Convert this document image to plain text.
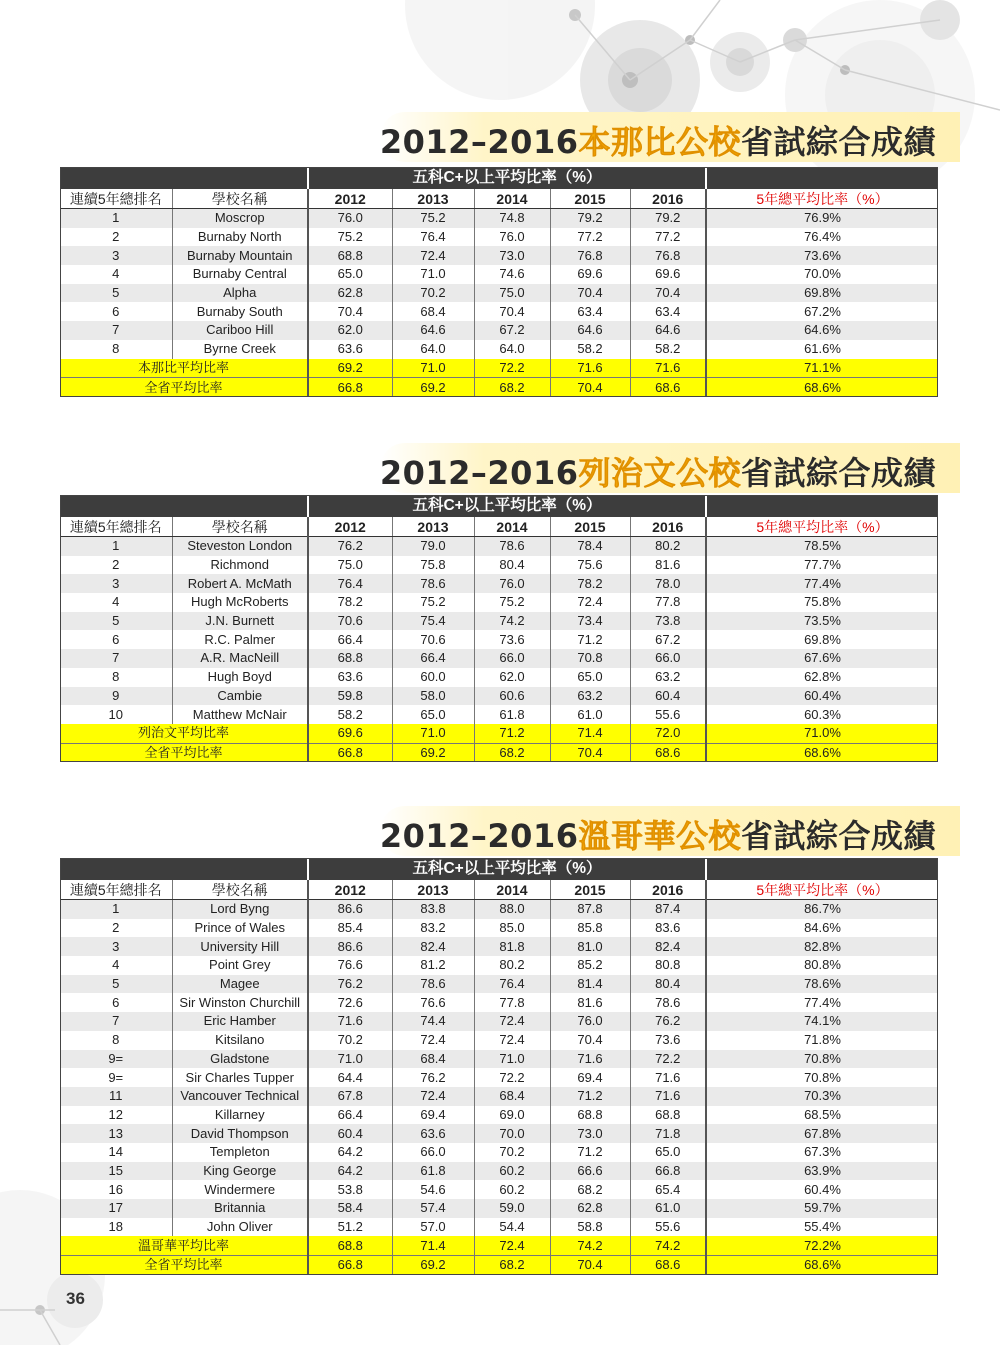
2012–2016本那比公校省試綜合成績
		五科C+以上平均比率（%）					
連續5年總排名	學校名稱	2012	2013	2014	2015	2016	5年總平均比率（%）
1	Moscrop	76.0	75.2	74.8	79.2	79.2	76.9%
2	Burnaby North	75.2	76.4	76.0	77.2	77.2	76.4%
3	Burnaby Mountain	68.8	72.4	73.0	76.8	76.8	73.6%
4	Burnaby Central	65.0	71.0	74.6	69.6	69.6	70.0%
5	Alpha	62.8	70.2	75.0	70.4	70.4	69.8%
6	Burnaby South	70.4	68.4	70.4	63.4	63.4	67.2%
7	Cariboo Hill	62.0	64.6	67.2	64.6	64.6	64.6%
8	Byrne Creek	63.6	64.0	64.0	58.2	58.2	61.6%
本那比平均比率		69.2	71.0	72.2	71.6	71.6	71.1%
全省平均比率		66.8	69.2	68.2	70.4	68.6	68.6%
2012–2016列治文公校省試綜合成績
		五科C+以上平均比率（%）					
連續5年總排名	學校名稱	2012	2013	2014	2015	2016	5年總平均比率（%）
1	Steveston London	76.2	79.0	78.6	78.4	80.2	78.5%
2	Richmond	75.0	75.8	80.4	75.6	81.6	77.7%
3	Robert A. McMath	76.4	78.6	76.0	78.2	78.0	77.4%
4	Hugh McRoberts	78.2	75.2	75.2	72.4	77.8	75.8%
5	J.N. Burnett	70.6	75.4	74.2	73.4	73.8	73.5%
6	R.C. Palmer	66.4	70.6	73.6	71.2	67.2	69.8%
7	A.R. MacNeill	68.8	66.4	66.0	70.8	66.0	67.6%
8	Hugh Boyd	63.6	60.0	62.0	65.0	63.2	62.8%
9	Cambie	59.8	58.0	60.6	63.2	60.4	60.4%
10	Matthew McNair	58.2	65.0	61.8	61.0	55.6	60.3%
列治文平均比率		69.6	71.0	71.2	71.4	72.0	71.0%
全省平均比率		66.8	69.2	68.2	70.4	68.6	68.6%
2012–2016溫哥華公校省試綜合成績
		五科C+以上平均比率（%）					
連續5年總排名	學校名稱	2012	2013	2014	2015	2016	5年總平均比率（%）
1	Lord Byng	86.6	83.8	88.0	87.8	87.4	86.7%
2	Prince of Wales	85.4	83.2	85.0	85.8	83.6	84.6%
3	University Hill	86.6	82.4	81.8	81.0	82.4	82.8%
4	Point Grey	76.6	81.2	80.2	85.2	80.8	80.8%
5	Magee	76.2	78.6	76.4	81.4	80.4	78.6%
6	Sir Winston Churchill	72.6	76.6	77.8	81.6	78.6	77.4%
7	Eric Hamber	71.6	74.4	72.4	76.0	76.2	74.1%
8	Kitsilano	70.2	72.4	72.4	70.4	73.6	71.8%
9=	Gladstone	71.0	68.4	71.0	71.6	72.2	70.8%
9=	Sir Charles Tupper	64.4	76.2	72.2	69.4	71.6	70.8%
11	Vancouver Technical	67.8	72.4	68.4	71.2	71.6	70.3%
12	Killarney	66.4	69.4	69.0	68.8	68.8	68.5%
13	David Thompson	60.4	63.6	70.0	73.0	71.8	67.8%
14	Templeton	64.2	66.0	70.2	71.2	65.0	67.3%
15	King George	64.2	61.8	60.2	66.6	66.8	63.9%
16	Windermere	53.8	54.6	60.2	68.2	65.4	60.4%
17	Britannia	58.4	57.4	59.0	62.8	61.0	59.7%
18	John Oliver	51.2	57.0	54.4	58.8	55.6	55.4%
溫哥華平均比率		68.8	71.4	72.4	74.2	74.2	72.2%
全省平均比率		66.8	69.2	68.2	70.4	68.6	68.6%
36
